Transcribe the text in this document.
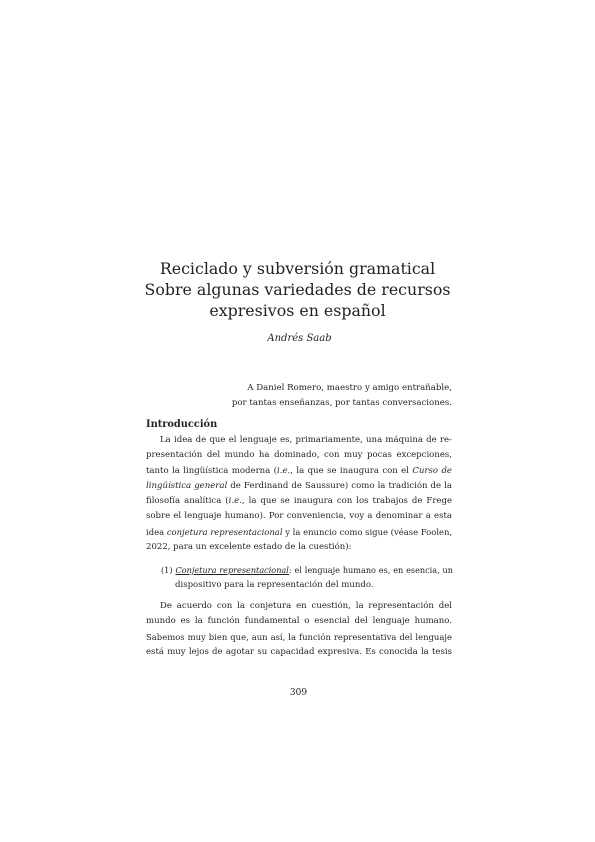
Reciclado y subversión gramatical
Sobre algunas variedades de recursos
expresivos en español
Andrés Saab
A Daniel Romero, maestro y amigo entrañable,
por tantas enseñanzas, por tantas conversaciones.
Introducción
La idea de que el lenguaje es, primariamente, una máquina de re-
presentación del mundo ha dominado, con muy pocas excepciones,
tanto la lingüística moderna (i.e., la que se inaugura con el Curso de
lingüística general de Ferdinand de Saussure) como la tradición de la
filosofía analítica (i.e., la que se inaugura con los trabajos de Frege
sobre el lenguaje humano). Por conveniencia, voy a denominar a esta
idea conjetura representacional y la enuncio como sigue (véase Foolen,
2022, para un excelente estado de la cuestión):
(1) Conjetura representacional: el lenguaje humano es, en esencia, un
dispositivo para la representación del mundo.
De acuerdo con la conjetura en cuestión, la representación del
mundo es la función fundamental o esencial del lenguaje humano.
Sabemos muy bien que, aun así, la función representativa del lenguaje
está muy lejos de agotar su capacidad expresiva. Es conocida la tesis
309
